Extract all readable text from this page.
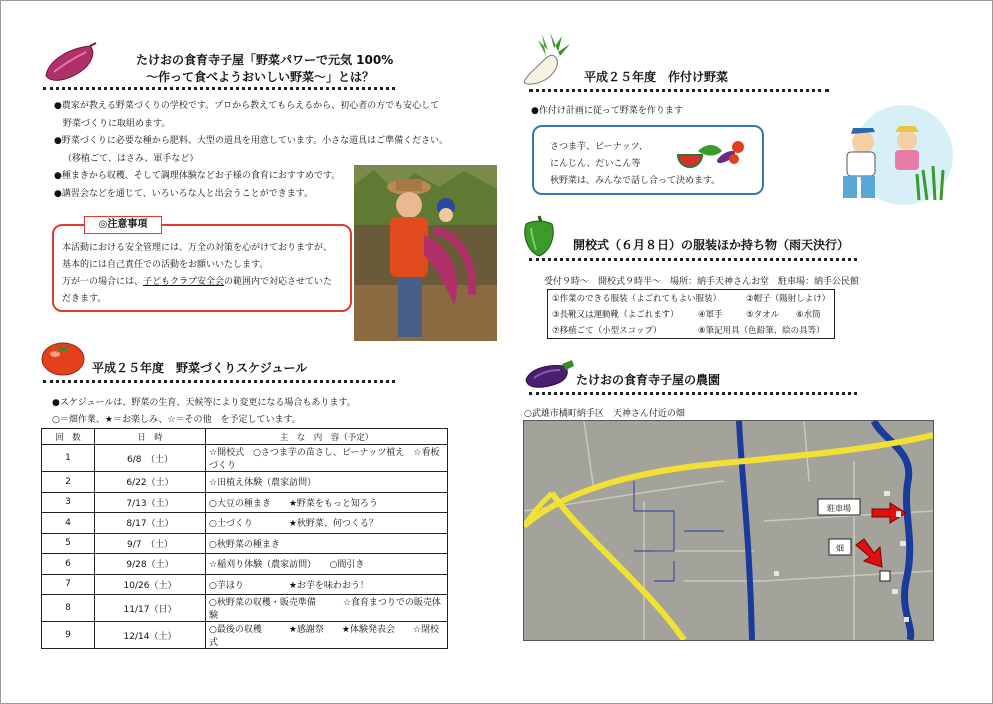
たけおの食育寺子屋「野菜パワーで元気 100%
～作って食べようおいしい野菜～」とは？
●農家が教える野菜づくりの学校です。プロから教えてもらえるから、初心者の方でも安心して
野菜づくりに取組めます。
●野菜づくりに必要な種から肥料、大型の道具を用意しています。小さな道具はご準備ください。
（移植ごて、はさみ、軍手など）
●種まきから収穫、そして調理体験などお子様の食育におすすめです。
●講習会などを通じて、いろいろな人と出会うことができます。
本活動における安全管理には、万全の対策を心がけておりますが、
基本的には自己責任での活動をお願いいたします。
万が一の場合には、子どもクラブ安全会の範囲内で対応させていた
だきます。
◎注意事項
平成２５年度　野菜づくりスケジュール
●スケジュールは、野菜の生育、天候等により変更になる場合もあります。
○＝畑作業、★＝お楽しみ、☆＝その他　を予定しています。
回　数	日　時	主　な　内　容（予定）
1	6/8　（土）	☆開校式　○さつま芋の苗さし、ピーナッツ植え　☆看板づくり
2	6/22（土）	☆田植え体験（農家訪問）
3	7/13（土）	○大豆の種まき　　★野菜をもっと知ろう
4	8/17（土）	○土づくり　　　　★秋野菜、何つくる？
5	9/7　（土）	○秋野菜の種まき
6	9/28（土）	☆稲刈り体験（農家訪問）　　○間引き
7	10/26（土）	○芋ほり　　　　　★お芋を味わおう！
8	11/17（日）	○秋野菜の収穫・販売準備　　　☆食育まつりでの販売体験
9	12/14（土）	○最後の収穫　　　★感謝祭　　★体験発表会　　☆閉校式
平成２５年度　作付け野菜
●作付け計画に従って野菜を作ります
さつま芋、ピーナッツ、
にんじん、だいこん等
秋野菜は、みんなで話し合って決めます。
開校式（６月８日）の服装ほか持ち物（雨天決行）
受付９時～　開校式９時半～　場所：納手天神さんお堂　駐車場：納手公民館
①作業のできる服装（よごれてもよい服装）	②帽子（陽射しよけ）
③長靴又は運動靴（よごれます） ④軍手	⑤タオル ⑥水筒
⑦移植ごて（小型スコップ）	⑧筆記用具（色鉛筆、絵の具等）
たけおの食育寺子屋の農園
○武雄市橘町納手区　天神さん付近の畑
駐車場
畑
